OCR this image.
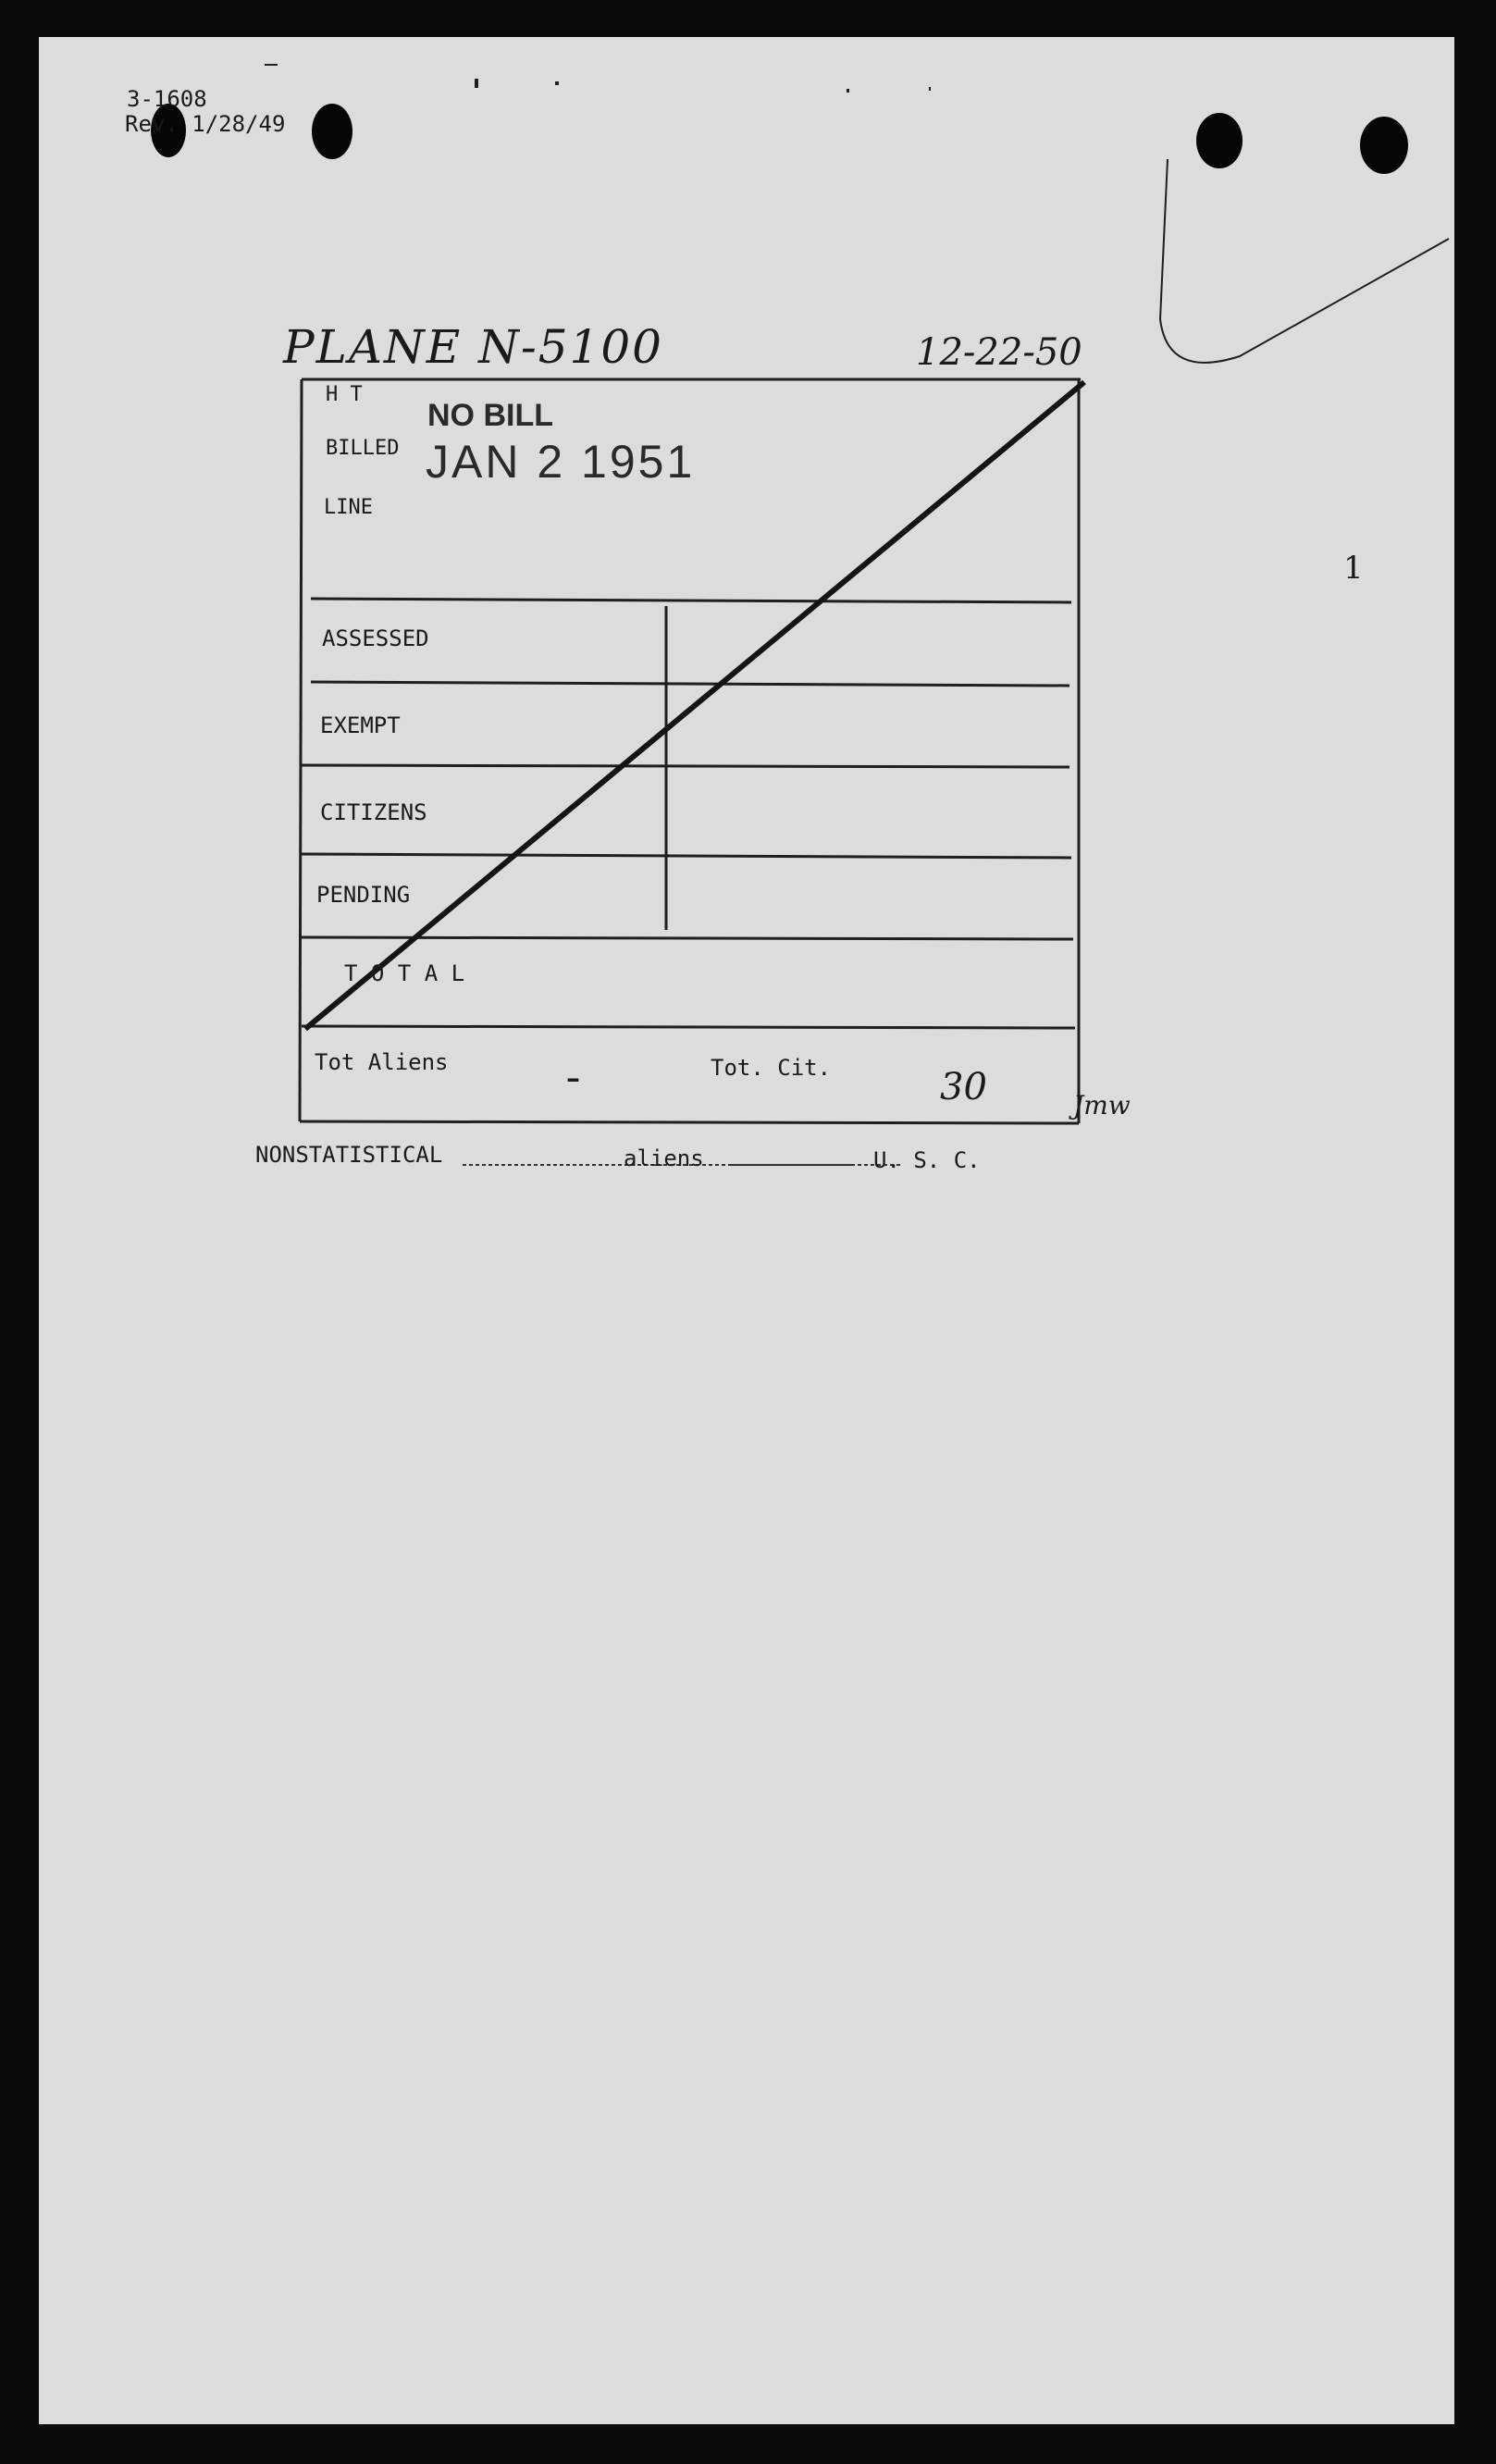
3-1608
Rev. 1/28/49
PLANE N-5100	12-22-50
1
NO BILL
JAN 2 1951
H T
BILLED
LINE
ASSESSED
EXEMPT
CITIZENS
PENDING
T O T A L
Tot Aliens	–	Tot. Cit.	30	Jmw
NONSTATISTICAL	aliens	U. S. C.
